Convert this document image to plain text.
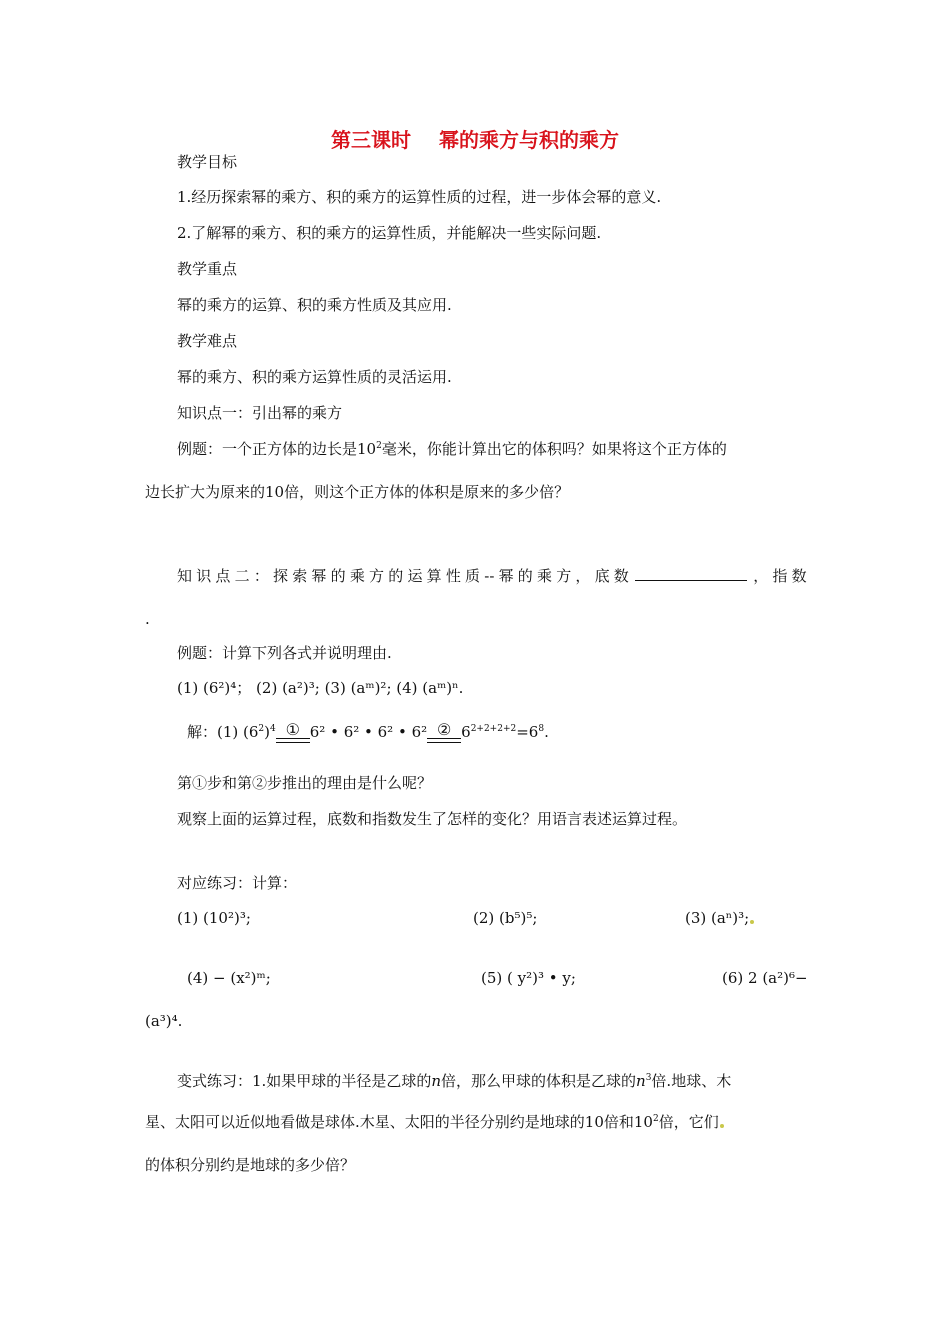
第三课时 幂的乘方与积的乘方
教学目标
1.经历探索幂的乘方、积的乘方的运算性质的过程，进一步体会幂的意义.
2.了解幂的乘方、积的乘方的运算性质，并能解决一些实际问题.
教学重点
幂的乘方的运算、积的乘方性质及其应用.
教学难点
幂的乘方、积的乘方运算性质的灵活运用.
知识点一：引出幂的乘方
例题：一个正方体的边长是$10^2$毫米，你能计算出它的体积吗？如果将这个正方体的
边长扩大为原来的10倍，则这个正方体的体积是原来的多少倍？
知 识 点 二 ： 探 索 幂 的 乘 方 的 运 算 性 质 -- 幂 的 乘 方 ， 底 数	， 指 数
.
例题：计算下列各式并说明理由.
(1) (6²)⁴； (2) (a²)³; (3) (aᵐ)²; (4) (aᵐ)ⁿ.
解：(1) $(6^2)^4$ ① 6² • 6² • 6² • 6² ② $6^{2+2+2+2}=6^8$.
第①步和第②步推出的理由是什么呢？
观察上面的运算过程，底数和指数发生了怎样的变化？用语言表述运算过程。
对应练习：计算：
(1) (10²)³;	(2) (b⁵)⁵;	(3) (aⁿ)³;
(4) − (x²)ᵐ;	(5) ( y²)³ • y;	(6) 2 (a²)⁶−
(a³)⁴.
变式练习：1.如果甲球的半径是乙球的n倍，那么甲球的体积是乙球的$n^3$倍.地球、木
星、太阳可以近似地看做是球体.木星、太阳的半径分别约是地球的10倍和$10^2$倍，它们
的体积分别约是地球的多少倍？
